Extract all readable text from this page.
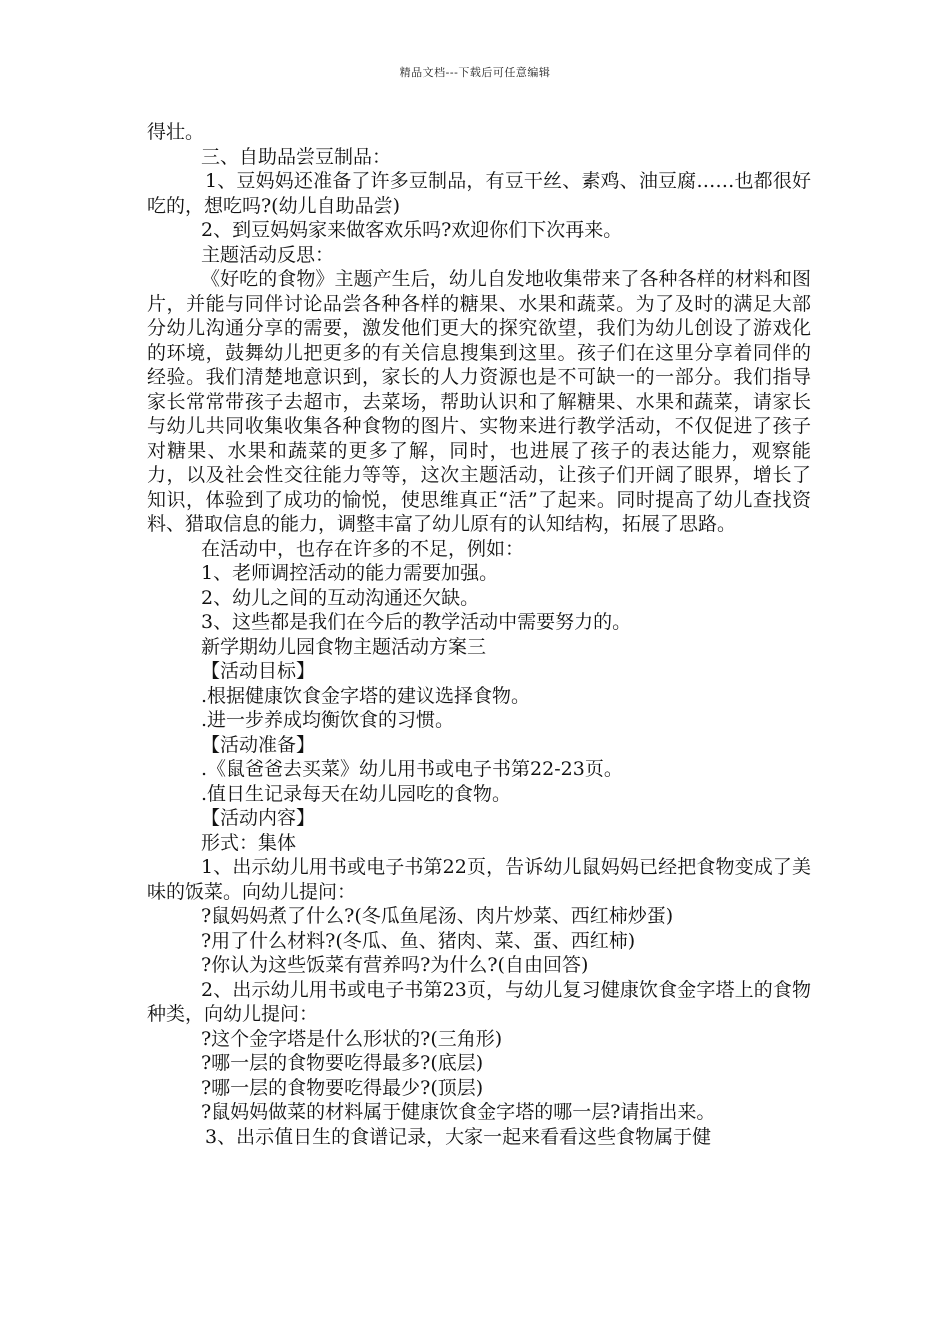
精品文档---下载后可任意编辑

得壮。

三、自助品尝豆制品：

1、豆妈妈还准备了许多豆制品，有豆干丝、素鸡、油豆腐……也都很好吃的，想吃吗?(幼儿自助品尝)

2、到豆妈妈家来做客欢乐吗?欢迎你们下次再来。

主题活动反思：

《好吃的食物》主题产生后，幼儿自发地收集带来了各种各样的材料和图片，并能与同伴讨论品尝各种各样的糖果、水果和蔬菜。为了及时的满足大部分幼儿沟通分享的需要，激发他们更大的探究欲望，我们为幼儿创设了游戏化的环境，鼓舞幼儿把更多的有关信息搜集到这里。孩子们在这里分享着同伴的经验。我们清楚地意识到，家长的人力资源也是不可缺一的一部分。我们指导家长常常带孩子去超市，去菜场，帮助认识和了解糖果、水果和蔬菜，请家长与幼儿共同收集收集各种食物的图片、实物来进行教学活动，不仅促进了孩子对糖果、水果和蔬菜的更多了解，同时，也进展了孩子的表达能力，观察能力，以及社会性交往能力等等，这次主题活动，让孩子们开阔了眼界，增长了知识，体验到了成功的愉悦，使思维真正“活”了起来。同时提高了幼儿查找资料、猎取信息的能力，调整丰富了幼儿原有的认知结构，拓展了思路。

在活动中，也存在许多的不足，例如：

1、老师调控活动的能力需要加强。

2、幼儿之间的互动沟通还欠缺。

3、这些都是我们在今后的教学活动中需要努力的。

新学期幼儿园食物主题活动方案三

【活动目标】

.根据健康饮食金字塔的建议选择食物。

.进一步养成均衡饮食的习惯。

【活动准备】

.《鼠爸爸去买菜》幼儿用书或电子书第22-23页。

.值日生记录每天在幼儿园吃的食物。

【活动内容】

形式：集体

1、出示幼儿用书或电子书第22页，告诉幼儿鼠妈妈已经把食物变成了美味的饭菜。向幼儿提问：

?鼠妈妈煮了什么?(冬瓜鱼尾汤、肉片炒菜、西红柿炒蛋)

?用了什么材料?(冬瓜、鱼、猪肉、菜、蛋、西红柿)

?你认为这些饭菜有营养吗?为什么?(自由回答)

2、出示幼儿用书或电子书第23页，与幼儿复习健康饮食金字塔上的食物种类，向幼儿提问：

?这个金字塔是什么形状的?(三角形)

?哪一层的食物要吃得最多?(底层)

?哪一层的食物要吃得最少?(顶层)

?鼠妈妈做菜的材料属于健康饮食金字塔的哪一层?请指出来。

3、出示值日生的食谱记录，大家一起来看看这些食物属于健
